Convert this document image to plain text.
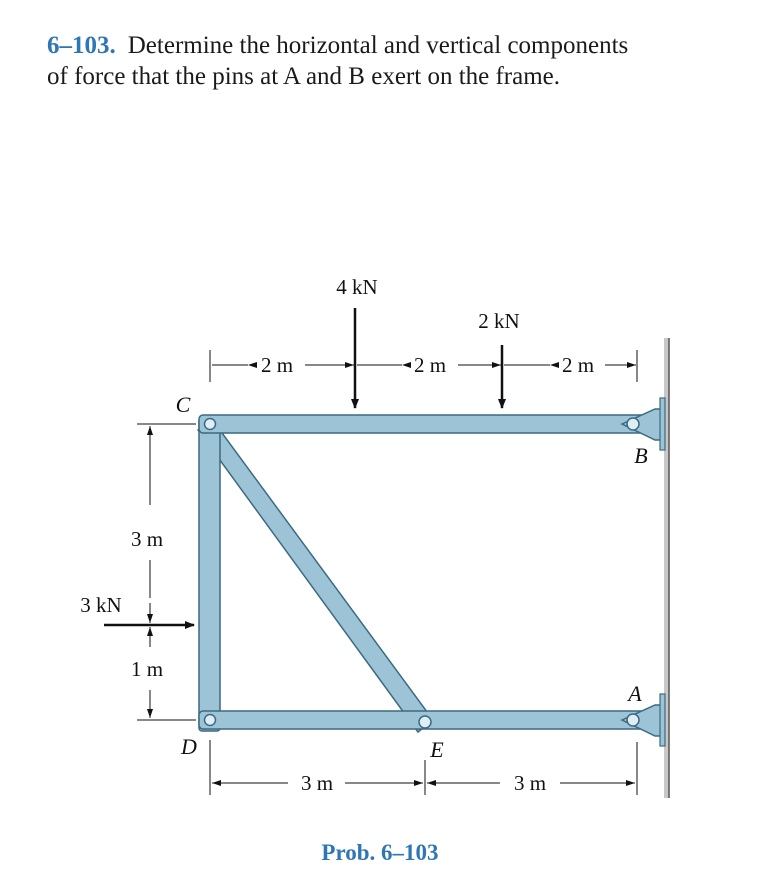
6–103. Determine the horizontal and vertical components
of force that the pins at A and B exert on the frame.
4 kN
2 kN
3 kN
2 m	2 m	2 m
3 m
1 m
3 m	3 m
C
D	E
B
A
Prob. 6–103
